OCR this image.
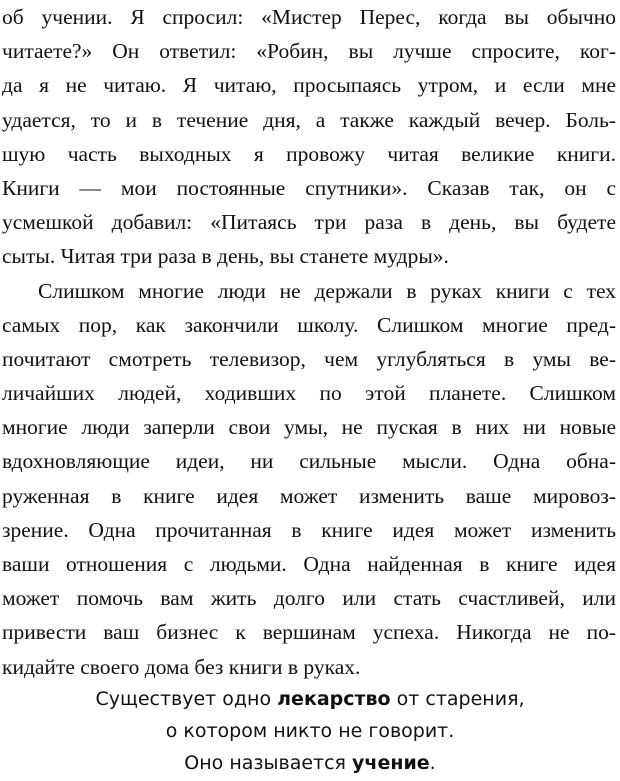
об учении. Я спросил: «Мистер Перес, когда вы обычно
читаете?» Он ответил: «Робин, вы лучше спросите, ког-
да я не читаю. Я читаю, просыпаясь утром, и если мне
удается, то и в течение дня, а также каждый вечер. Боль-
шую часть выходных я провожу читая великие книги.
Книги — мои постоянные спутники». Сказав так, он с
усмешкой добавил: «Питаясь три раза в день, вы будете
сыты. Читая три раза в день, вы станете мудры».
Слишком многие люди не держали в руках книги с тех
самых пор, как закончили школу. Слишком многие пред-
почитают смотреть телевизор, чем углубляться в умы ве-
личайших людей, ходивших по этой планете. Слишком
многие люди заперли свои умы, не пуская в них ни новые
вдохновляющие идеи, ни сильные мысли. Одна обна-
руженная в книге идея может изменить ваше мировоз-
зрение. Одна прочитанная в книге идея может изменить
ваши отношения с людьми. Одна найденная в книге идея
может помочь вам жить долго или стать счастливей, или
привести ваш бизнес к вершинам успеха. Никогда не по-
кидайте своего дома без книги в руках.
Существует одно лекарство от старения,
о котором никто не говорит.
Оно называется учение.
